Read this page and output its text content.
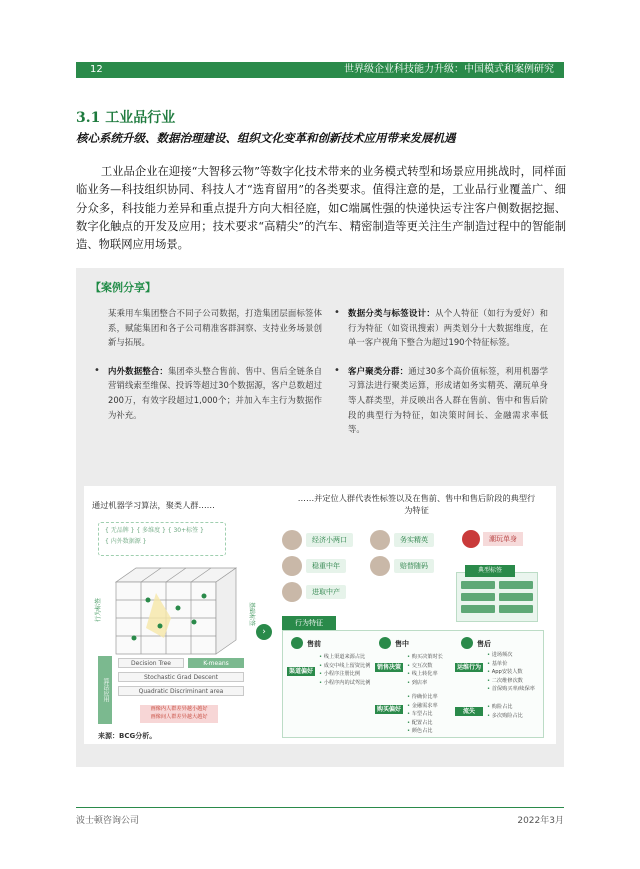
12	世界级企业科技能力升级：中国模式和案例研究
3.1 工业品行业
核心系统升级、数据治理建设、组织文化变革和创新技术应用带来发展机遇

工业品企业在迎接“大智移云物”等数字化技术带来的业务模式转型和场景应用挑战时，同样面临业务—科技组织协同、科技人才“选育留用”的各类要求。值得注意的是，工业品行业覆盖广、细分众多，科技能力差异和重点提升方向大相径庭，如C端属性强的快递快运专注客户侧数据挖掘、数字化触点的开发及应用；技术要求“高精尖”的汽车、精密制造等更关注生产制造过程中的智能制造、物联网应用场景。

【案例分享】

某乘用车集团整合不同子公司数据，打造集团层面标签体系，赋能集团和各子公司精准客群洞察、支持业务场景创新与拓展。

• 内外数据整合：集团牵头整合售前、售中、售后全链条自营销线索至维保、投诉等超过30个数据源，客户总数超过200万，有效字段超过1,000个；并加入车主行为数据作为补充。

• 数据分类与标签设计：从个人特征（如行为爱好）和行为特征（如资讯搜索）两类划分十大数据维度，在单一客户视角下整合为超过190个特征标签。

• 客户聚类分群：通过30多个高价值标签，利用机器学习算法进行聚类运算，形成诸如务实精英、潮玩单身等人群类型，并反映出各人群在售前、售中和售后阶段的典型行为特征，如决策时间长、金融需求率低等。

通过机器学习算法，聚类人群……
……并定位人群代表性标签以及在售前、售中和售后阶段的典型行为特征
{ 无品牌 } { 多维度 } { 30+标签 }
{ 内外数据源 }
行为标签	基础标签
算法应用
Decision Tree	K-means
Stochastic Grad Descent
Quadratic Discriminant area
画像内人群差异越小越好
画像间人群差异越大越好
›
经济小两口	务实精英
稳重中年	赔替随码
进取中产
潮玩单身
典型标签
行为特征
售前	售中	售后
渠道偏好
• 线上渠道来源占比
• 成交中线上留资比例
• 小程序注册比例
• 小程序内的试驾比例
销售决策
• 购买决策时长
• 交互次数
• 线上转化率
• 到店率
购买偏好
• 待确价比率
• 金融需求率
• 车型占比
• 配置占比
• 颜色占比
运维行为
• 进场频次
• 基单价
• App安装人数
• 二次维修次数
• 首保购买率/续保率
流失
• 购险占比
• 多次购险占比
来源：BCG分析。
波士顿咨询公司	2022年3月
